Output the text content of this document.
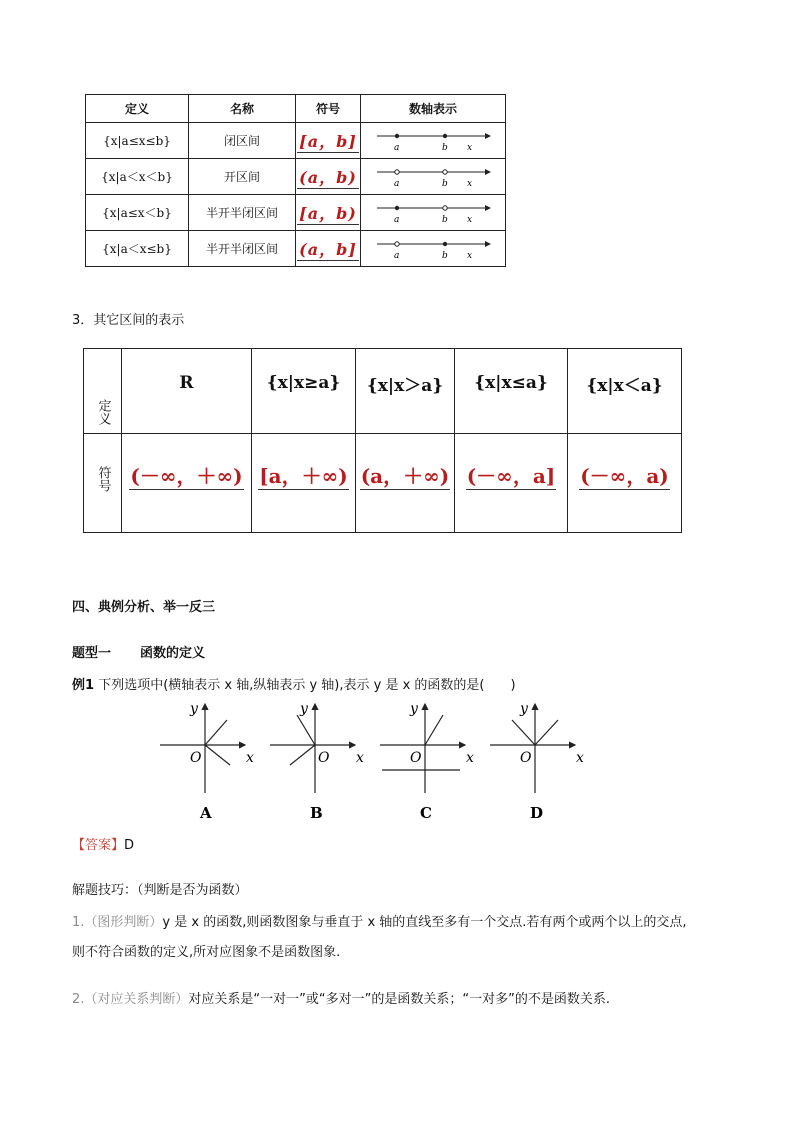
定义	名称	符号	数轴表示
{x|a≤x≤b}	闭区间	[a，b]	a b x

{x|a＜x＜b}	开区间	(a，b)	a b x

{x|a≤x＜b}	半开半闭区间	[a，b)	a b x

{x|a＜x≤b}	半开半闭区间	(a，b]	a b x
3．其它区间的表示
定义	R	{x|x≥a}	{x|x＞a}	{x|x≤a}	{x|x＜a}
符号	(－∞，＋∞)	[a，＋∞)	(a，＋∞)	(－∞，a]	(－∞，a)
四、典例分析、举一反三
题型一 函数的定义
例1 下列选项中(横轴表示 x 轴,纵轴表示 y 轴),表示 y 是 x 的函数的是(　　)
O	x
y
A
O x
y
B
O	x
y
C
O	x
y
D
【答案】D
解题技巧：（判断是否为函数）
1.（图形判断）y 是 x 的函数,则函数图象与垂直于 x 轴的直线至多有一个交点.若有两个或两个以上的交点,
则不符合函数的定义,所对应图象不是函数图象.
2.（对应关系判断）对应关系是“一对一”或“多对一”的是函数关系；“一对多”的不是函数关系.
